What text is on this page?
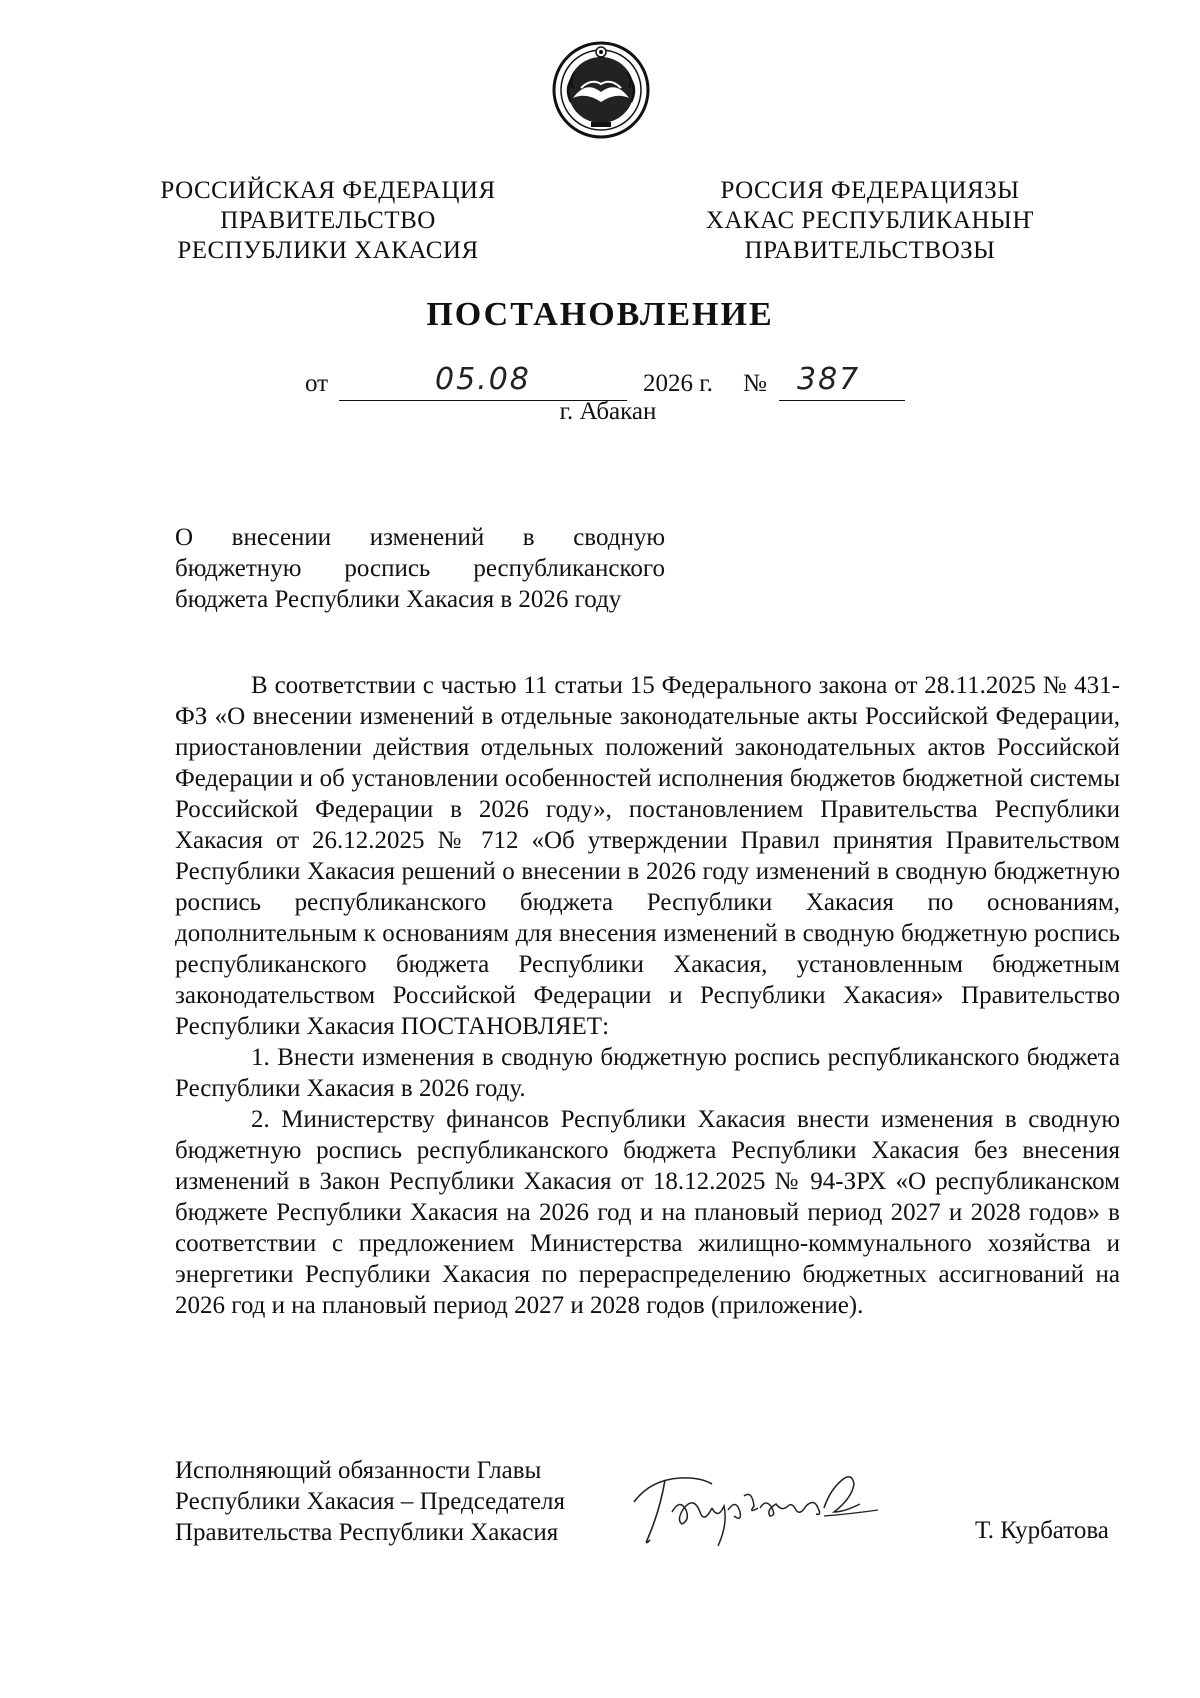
РОССИЙСКАЯ ФЕДЕРАЦИЯ
ПРАВИТЕЛЬСТВО
РЕСПУБЛИКИ ХАКАСИЯ
РОССИЯ ФЕДЕРАЦИЯЗЫ
ХАКАС РЕСПУБЛИКАНЫҤ
ПРАВИТЕЛЬСТВОЗЫ
ПОСТАНОВЛЕНИЕ
от	05.08	2026 г. № 387
г. Абакан
О внесении изменений в сводную
бюджетную роспись республиканского
бюджета Республики Хакасия в 2026 году

В соответствии с частью 11 статьи 15 Федерального закона от 28.11.2025 № 431-ФЗ «О внесении изменений в отдельные законодательные акты Российской Федерации, приостановлении действия отдельных положений законодательных актов Российской Федерации и об установлении особенностей исполнения бюджетов бюджетной системы Российской Федерации в 2026 году», постановлением Правительства Республики Хакасия от 26.12.2025 № 712 «Об утверждении Правил принятия Правительством Республики Хакасия решений о внесении в 2026 году изменений в сводную бюджетную роспись республиканского бюджета Республики Хакасия по основаниям, дополнительным к основаниям для внесения изменений в сводную бюджетную роспись республиканского бюджета Республики Хакасия, установленным бюджетным законодательством Российской Федерации и Республики Хакасия» Правительство Республики Хакасия ПОСТАНОВЛЯЕТ:

1. Внести изменения в сводную бюджетную роспись республиканского бюджета Республики Хакасия в 2026 году.

2. Министерству финансов Республики Хакасия внести изменения в сводную бюджетную роспись республиканского бюджета Республики Хакасия без внесения изменений в Закон Республики Хакасия от 18.12.2025 № 94-ЗРХ «О республиканском бюджете Республики Хакасия на 2026 год и на плановый период 2027 и 2028 годов» в соответствии с предложением Министерства жилищно-коммунального хозяйства и энергетики Республики Хакасия по перераспределению бюджетных ассигнований на 2026 год и на плановый период 2027 и 2028 годов (приложение).

Исполняющий обязанности Главы
Республики Хакасия – Председателя
Правительства Республики Хакасия	Т. Курбатова
